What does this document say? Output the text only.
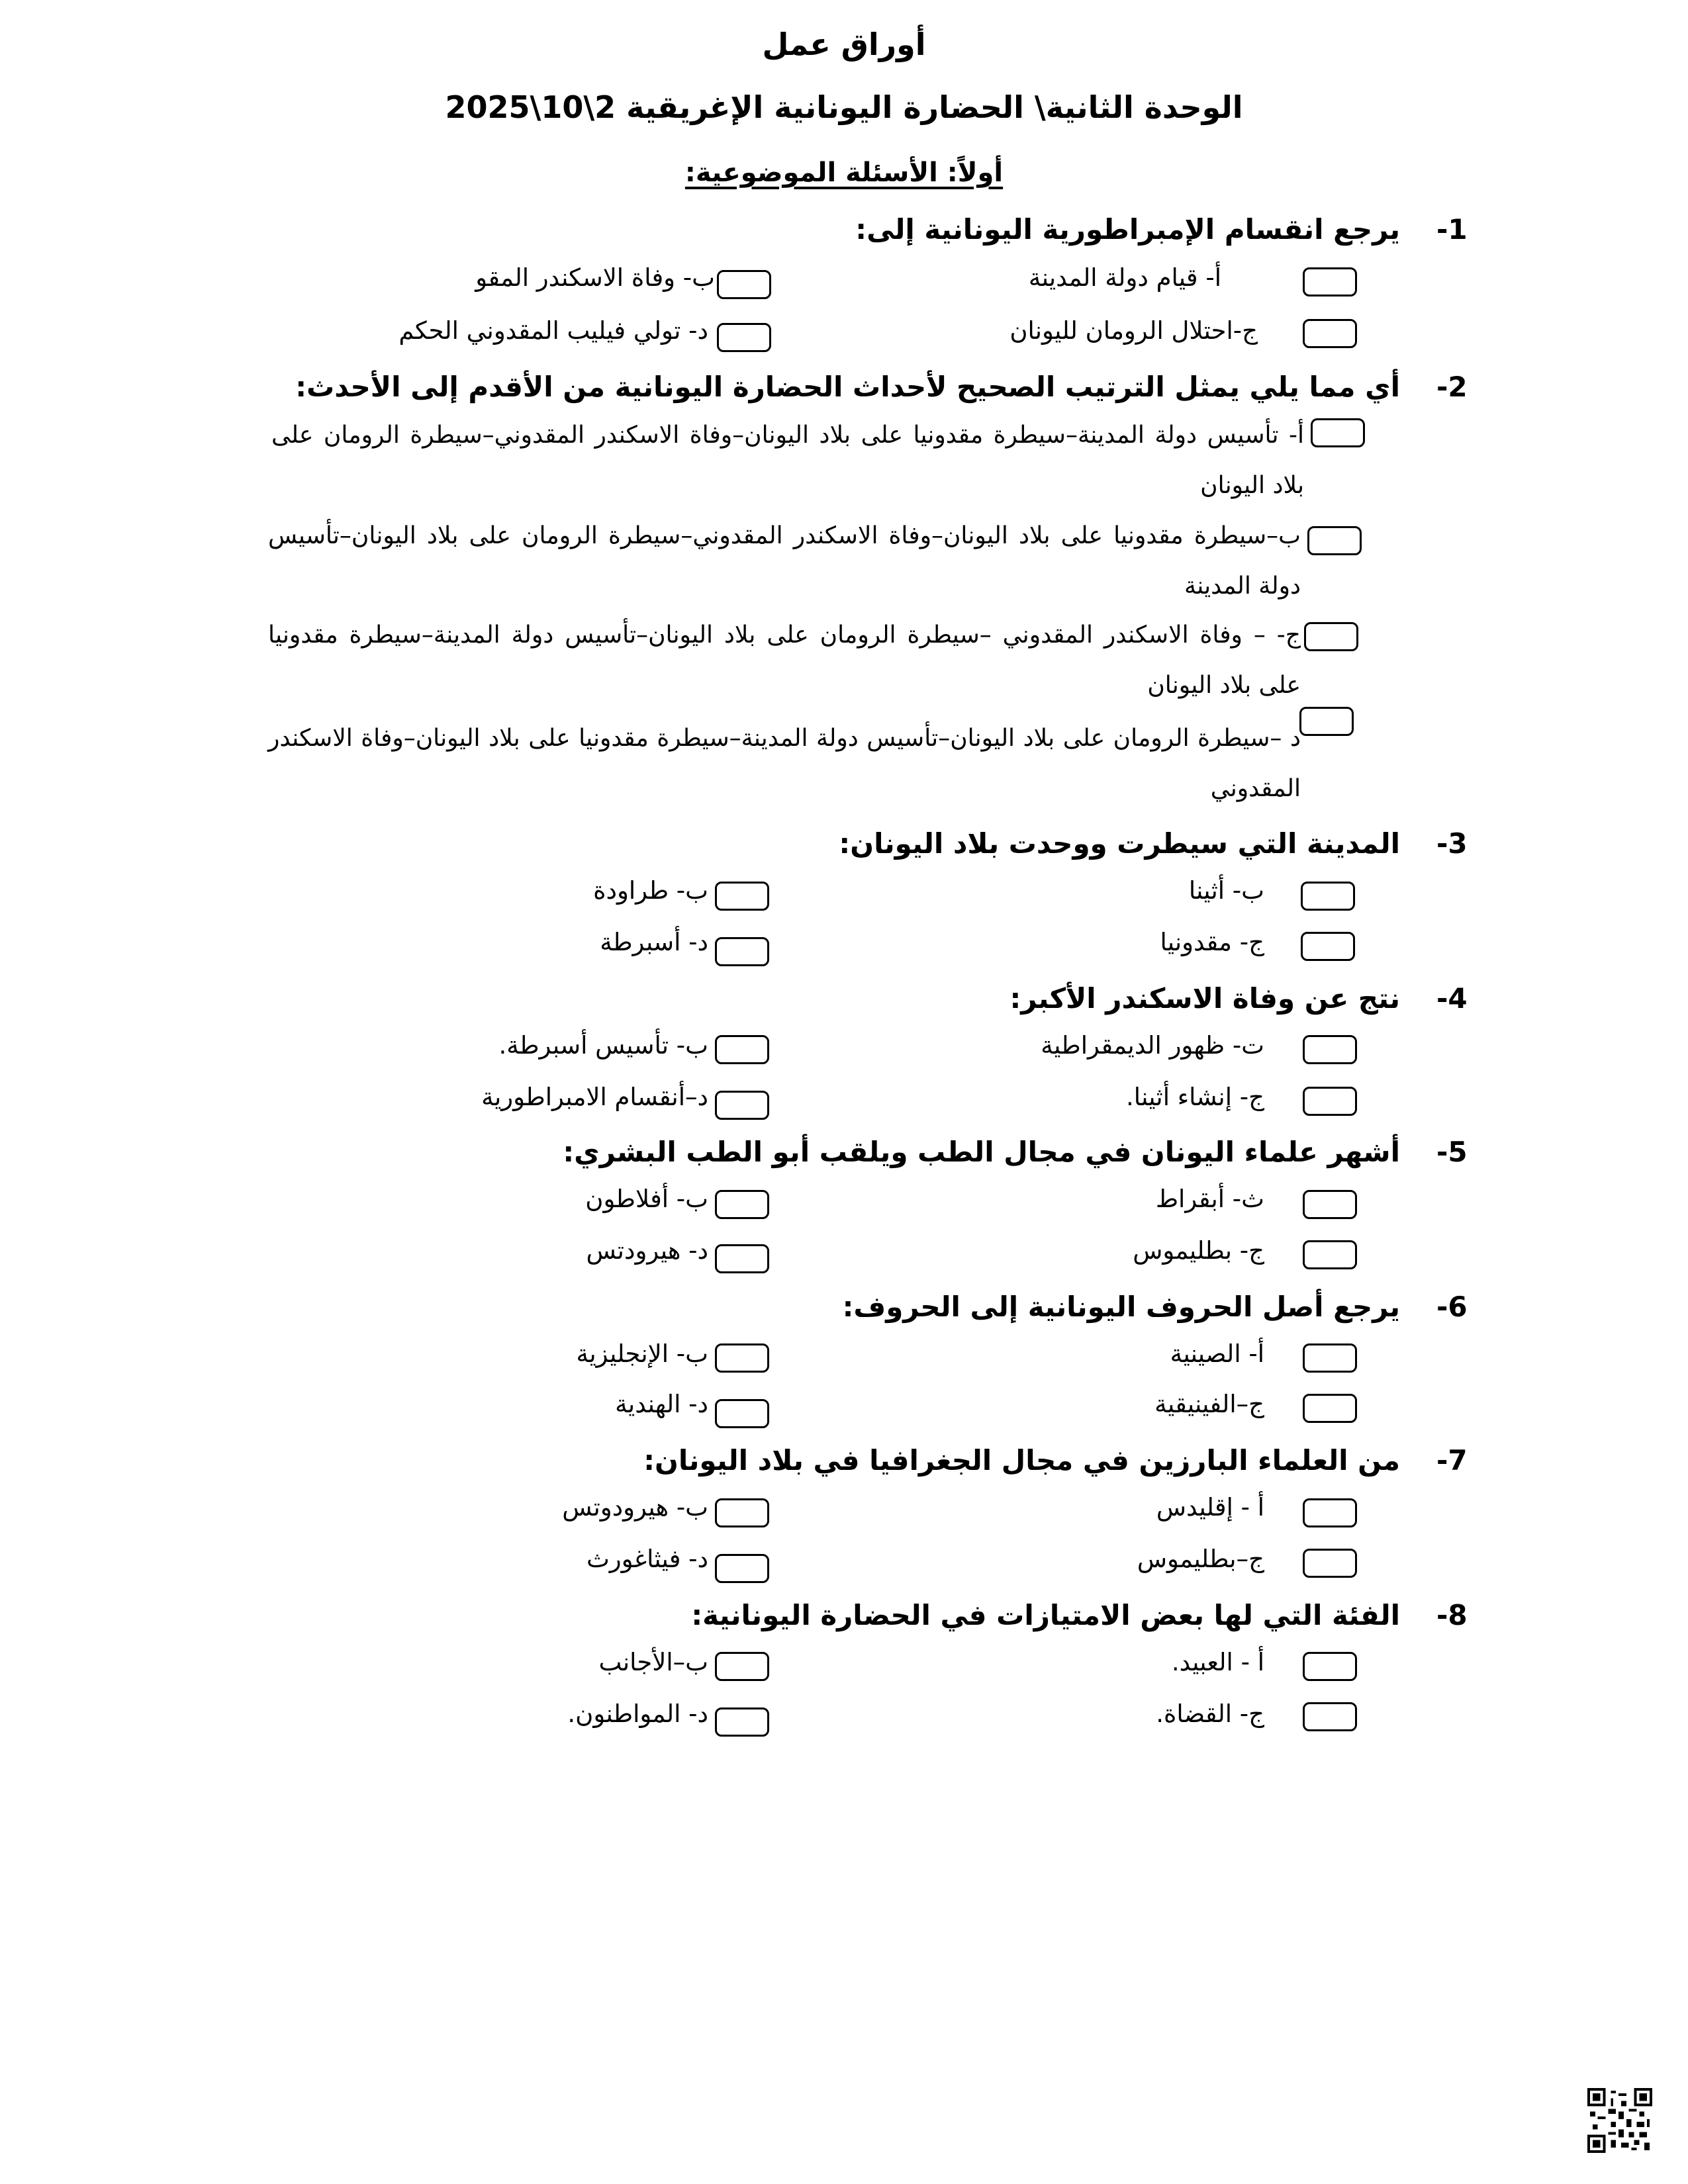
أوراق عمل
الوحدة الثانية\ الحضارة اليونانية الإغريقية 2\10\2025
أولاً: الأسئلة الموضوعية:
-1
يرجع انقسام الإمبراطورية اليونانية إلى:
أ- قيام دولة المدينة
ب- وفاة الاسكندر المقو
ج-احتلال الرومان لليونان
د- تولي فيليب المقدوني الحكم
-2
أي مما يلي يمثل الترتيب الصحيح لأحداث الحضارة اليونانية من الأقدم إلى الأحدث:
أ- تأسيس دولة المدينة–سيطرة مقدونيا على بلاد اليونان–وفاة الاسكندر المقدوني–سيطرة الرومان على بلاد اليونان
ب–سيطرة مقدونيا على بلاد اليونان–وفاة الاسكندر المقدوني–سيطرة الرومان على بلاد اليونان–تأسيس دولة المدينة
ج- – وفاة الاسكندر المقدوني –سيطرة الرومان على بلاد اليونان–تأسيس دولة المدينة–سيطرة مقدونيا على بلاد اليونان
د –سيطرة الرومان على بلاد اليونان–تأسيس دولة المدينة–سيطرة مقدونيا على بلاد اليونان–وفاة الاسكندر المقدوني
-3
المدينة التي سيطرت ووحدت بلاد اليونان:
ب- أثينا
ب- طراودة
ج- مقدونيا
د- أسبرطة
-4
نتج عن وفاة الاسكندر الأكبر:
ت- ظهور الديمقراطية
ب- تأسيس أسبرطة.
ج- إنشاء أثينا.
د–أنقسام الامبراطورية
-5
أشهر علماء اليونان في مجال الطب ويلقب أبو الطب البشري:
ث- أبقراط
ب- أفلاطون
ج- بطليموس
د- هيرودتس
-6
يرجع أصل الحروف اليونانية إلى الحروف:
أ- الصينية
ب- الإنجليزية
ج–الفينيقية
د- الهندية
-7
من العلماء البارزين في مجال الجغرافيا في بلاد اليونان:
أ - إقليدس
ب- هيرودوتس
ج–بطليموس
د- فيثاغورث
-8
الفئة التي لها بعض الامتيازات في الحضارة اليونانية:
أ - العبيد.
ب–الأجانب
ج- القضاة.
د- المواطنون.
